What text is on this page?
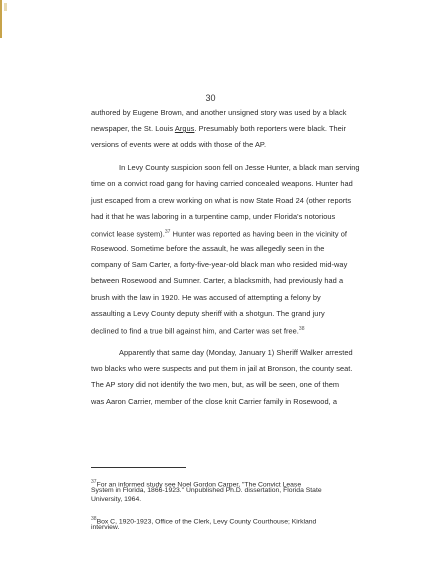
30
authored by Eugene Brown, and another unsigned story was used by a black
newspaper, the St. Louis Argus. Presumably both reporters were black. Their
versions of events were at odds with those of the AP.
In Levy County suspicion soon fell on Jesse Hunter, a black man serving
time on a convict road gang for having carried concealed weapons. Hunter had
just escaped from a crew working on what is now State Road 24 (other reports
had it that he was laboring in a turpentine camp, under Florida's notorious
convict lease system).$^{37}$ Hunter was reported as having been in the vicinity of
Rosewood. Sometime before the assault, he was allegedly seen in the
company of Sam Carter, a forty-five-year-old black man who resided mid-way
between Rosewood and Sumner. Carter, a blacksmith, had previously had a
brush with the law in 1920. He was accused of attempting a felony by
assaulting a Levy County deputy sheriff with a shotgun. The grand jury
declined to find a true bill against him, and Carter was set free.$^{38}$
Apparently that same day (Monday, January 1) Sheriff Walker arrested
two blacks who were suspects and put them in jail at Bronson, the county seat.
The AP story did not identify the two men, but, as will be seen, one of them
was Aaron Carrier, member of the close knit Carrier family in Rosewood, a
$^{37}$For an informed study see Noel Gordon Carper, "The Convict Lease
System in Florida, 1866-1923." Unpublished Ph.D. dissertation, Florida State
University, 1964.
$^{38}$Box C, 1920-1923, Office of the Clerk, Levy County Courthouse; Kirkland
interview.
